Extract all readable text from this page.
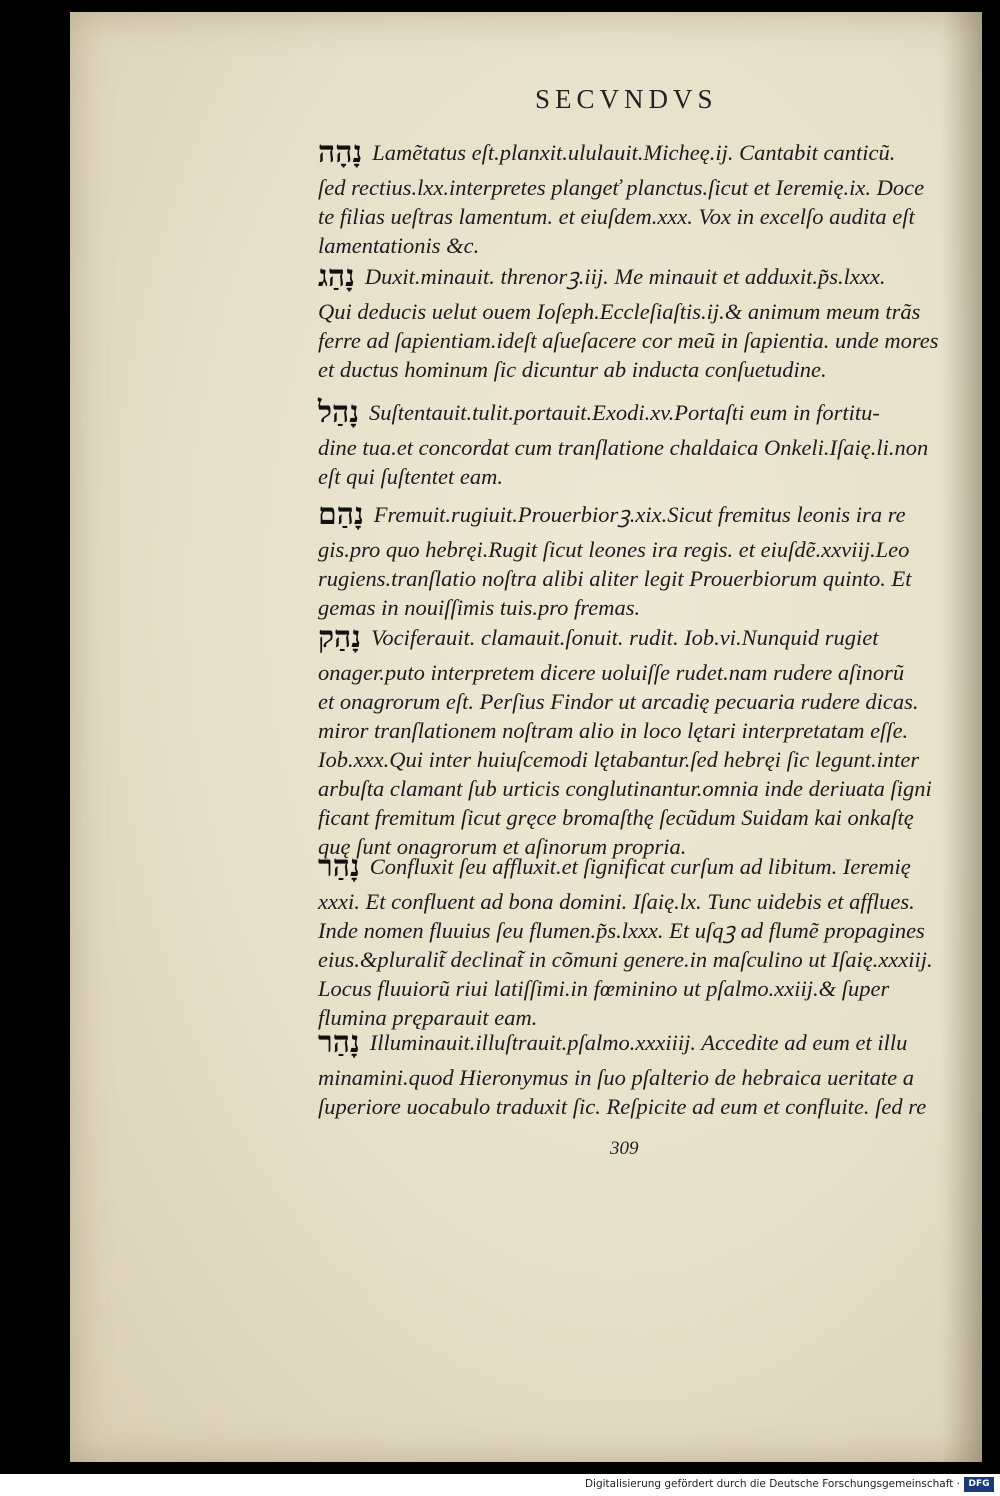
SECVNDVS
נָהָה Lamẽtatus eſt.planxit.ululauit.Micheę.ij. Cantabit canticũ.
ſed rectius.lxx.interpretes plangeť planctus.ſicut et Ieremię.ix. Doce
te filias ueſtras lamentum. et eiuſdem.xxx. Vox in excelſo audita eſt
lamentationis &c.
נָהַג Duxit.minauit. threnorꝫ.iij. Me minauit et adduxit.p̃s.lxxx.
Qui deducis uelut ouem Ioſeph.Eccleſiaſtis.ij.& animum meum trãs
ferre ad ſapientiam.ideſt aſueſacere cor meũ in ſapientia. unde mores
et ductus hominum ſic dicuntur ab inducta conſuetudine.
נָהַל Suſtentauit.tulit.portauit.Exodi.xv.Portaſti eum in fortitu-
dine tua.et concordat cum tranſlatione chaldaica Onkeli.Iſaię.li.non
eſt qui ſuſtentet eam.
נָהַם Fremuit.rugiuit.Prouerbiorꝫ.xix.Sicut fremitus leonis ira re
gis.pro quo hebręi.Rugit ſicut leones ira regis. et eiuſdẽ.xxviij.Leo
rugiens.tranſlatio noſtra alibi aliter legit Prouerbiorum quinto. Et
gemas in nouiſſimis tuis.pro fremas.
נָהַק Vociferauit. clamauit.ſonuit. rudit. Iob.vi.Nunquid rugiet
onager.puto interpretem dicere uoluiſſe rudet.nam rudere aſinorũ
et onagrorum eſt. Perſius Findor ut arcadię pecuaria rudere dicas.
miror tranſlationem noſtram alio in loco lętari interpretatam eſſe.
Iob.xxx.Qui inter huiuſcemodi lętabantur.ſed hebręi ſic legunt.inter
arbuſta clamant ſub urticis conglutinantur.omnia inde deriuata ſigni
ficant fremitum ſicut gręce bromaſthę ſecũdum Suidam kai onkaſtę
quę ſunt onagrorum et aſinorum propria.
נָהַר Confluxit ſeu affluxit.et ſignificat curſum ad libitum. Ieremię
xxxi. Et confluent ad bona domini. Iſaię.lx. Tunc uidebis et afflues.
Inde nomen fluuius ſeu flumen.p̃s.lxxx. Et uſqꝫ ad flumẽ propagines
eius.&pluralit̃ declinat̃ in cõmuni genere.in maſculino ut Iſaię.xxxiij.
Locus fluuiorũ riui latiſſimi.in fœminino ut pſalmo.xxiij.& ſuper
flumina pręparauit eam.
נָהַר Illuminauit.illuſtrauit.pſalmo.xxxiiij. Accedite ad eum et illu
minamini.quod Hieronymus in ſuo pſalterio de hebraica ueritate a
ſuperiore uocabulo traduxit ſic. Reſpicite ad eum et confluite. ſed re
309
Digitalisierung gefördert durch die Deutsche Forschungsgemeinschaft · DFG
